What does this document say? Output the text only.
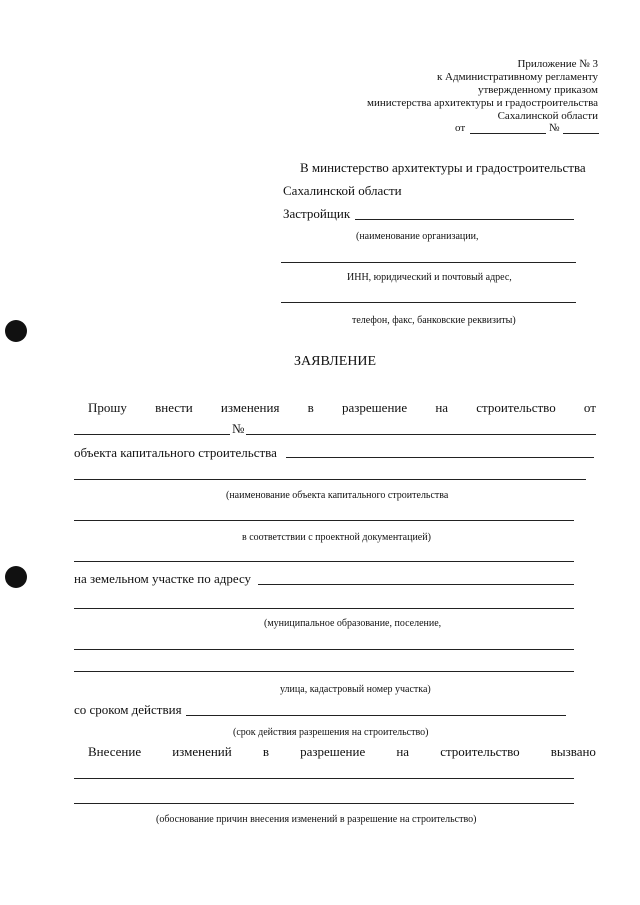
Приложение № 3
к Административному регламенту
утвержденному приказом
министерства архитектуры и градостроительства
Сахалинской области
от	№
В министерство архитектуры и градостроительства
Сахалинской области
Застройщик
(наименование организации,
ИНН, юридический и почтовый адрес,
телефон, факс, банковские реквизиты)
ЗАЯВЛЕНИЕ
Прошу внести изменения в разрешение на строительство от
№
объекта капитального строительства
(наименование объекта капитального строительства
в соответствии с проектной документацией)
на земельном участке по адресу
(муниципальное образование, поселение,
улица, кадастровый номер участка)
со сроком действия
(срок действия разрешения на строительство)
Внесение изменений в разрешение на строительство вызвано
(обоснование причин внесения изменений в разрешение на строительство)
